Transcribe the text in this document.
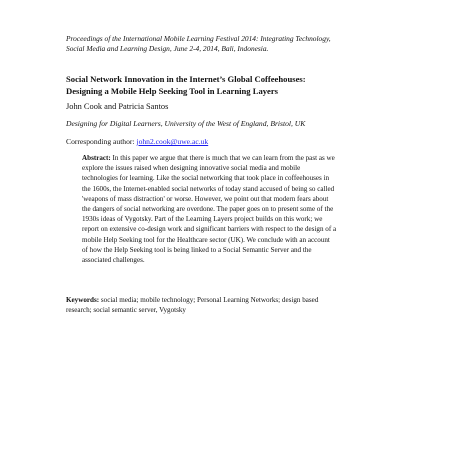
Proceedings of the International Mobile Learning Festival 2014: Integrating Technology,
Social Media and Learning Design, June 2-4, 2014, Bali, Indonesia.
Social Network Innovation in the Internet’s Global Coffeehouses:
Designing a Mobile Help Seeking Tool in Learning Layers
John Cook and Patricia Santos
Designing for Digital Learners, University of the West of England, Bristol, UK
Corresponding author: john2.cook@uwe.ac.uk
Abstract: In this paper we argue that there is much that we can learn from the past as we
explore the issues raised when designing innovative social media and mobile
technologies for learning. Like the social networking that took place in coffeehouses in
the 1600s, the Internet-enabled social networks of today stand accused of being so called
'weapons of mass distraction' or worse. However, we point out that modern fears about
the dangers of social networking are overdone. The paper goes on to present some of the
1930s ideas of Vygotsky. Part of the Learning Layers project builds on this work; we
report on extensive co-design work and significant barriers with respect to the design of a
mobile Help Seeking tool for the Healthcare sector (UK). We conclude with an account
of how the Help Seeking tool is being linked to a Social Semantic Server and the
associated challenges.
Keywords: social media; mobile technology; Personal Learning Networks; design based
research; social semantic server, Vygotsky
